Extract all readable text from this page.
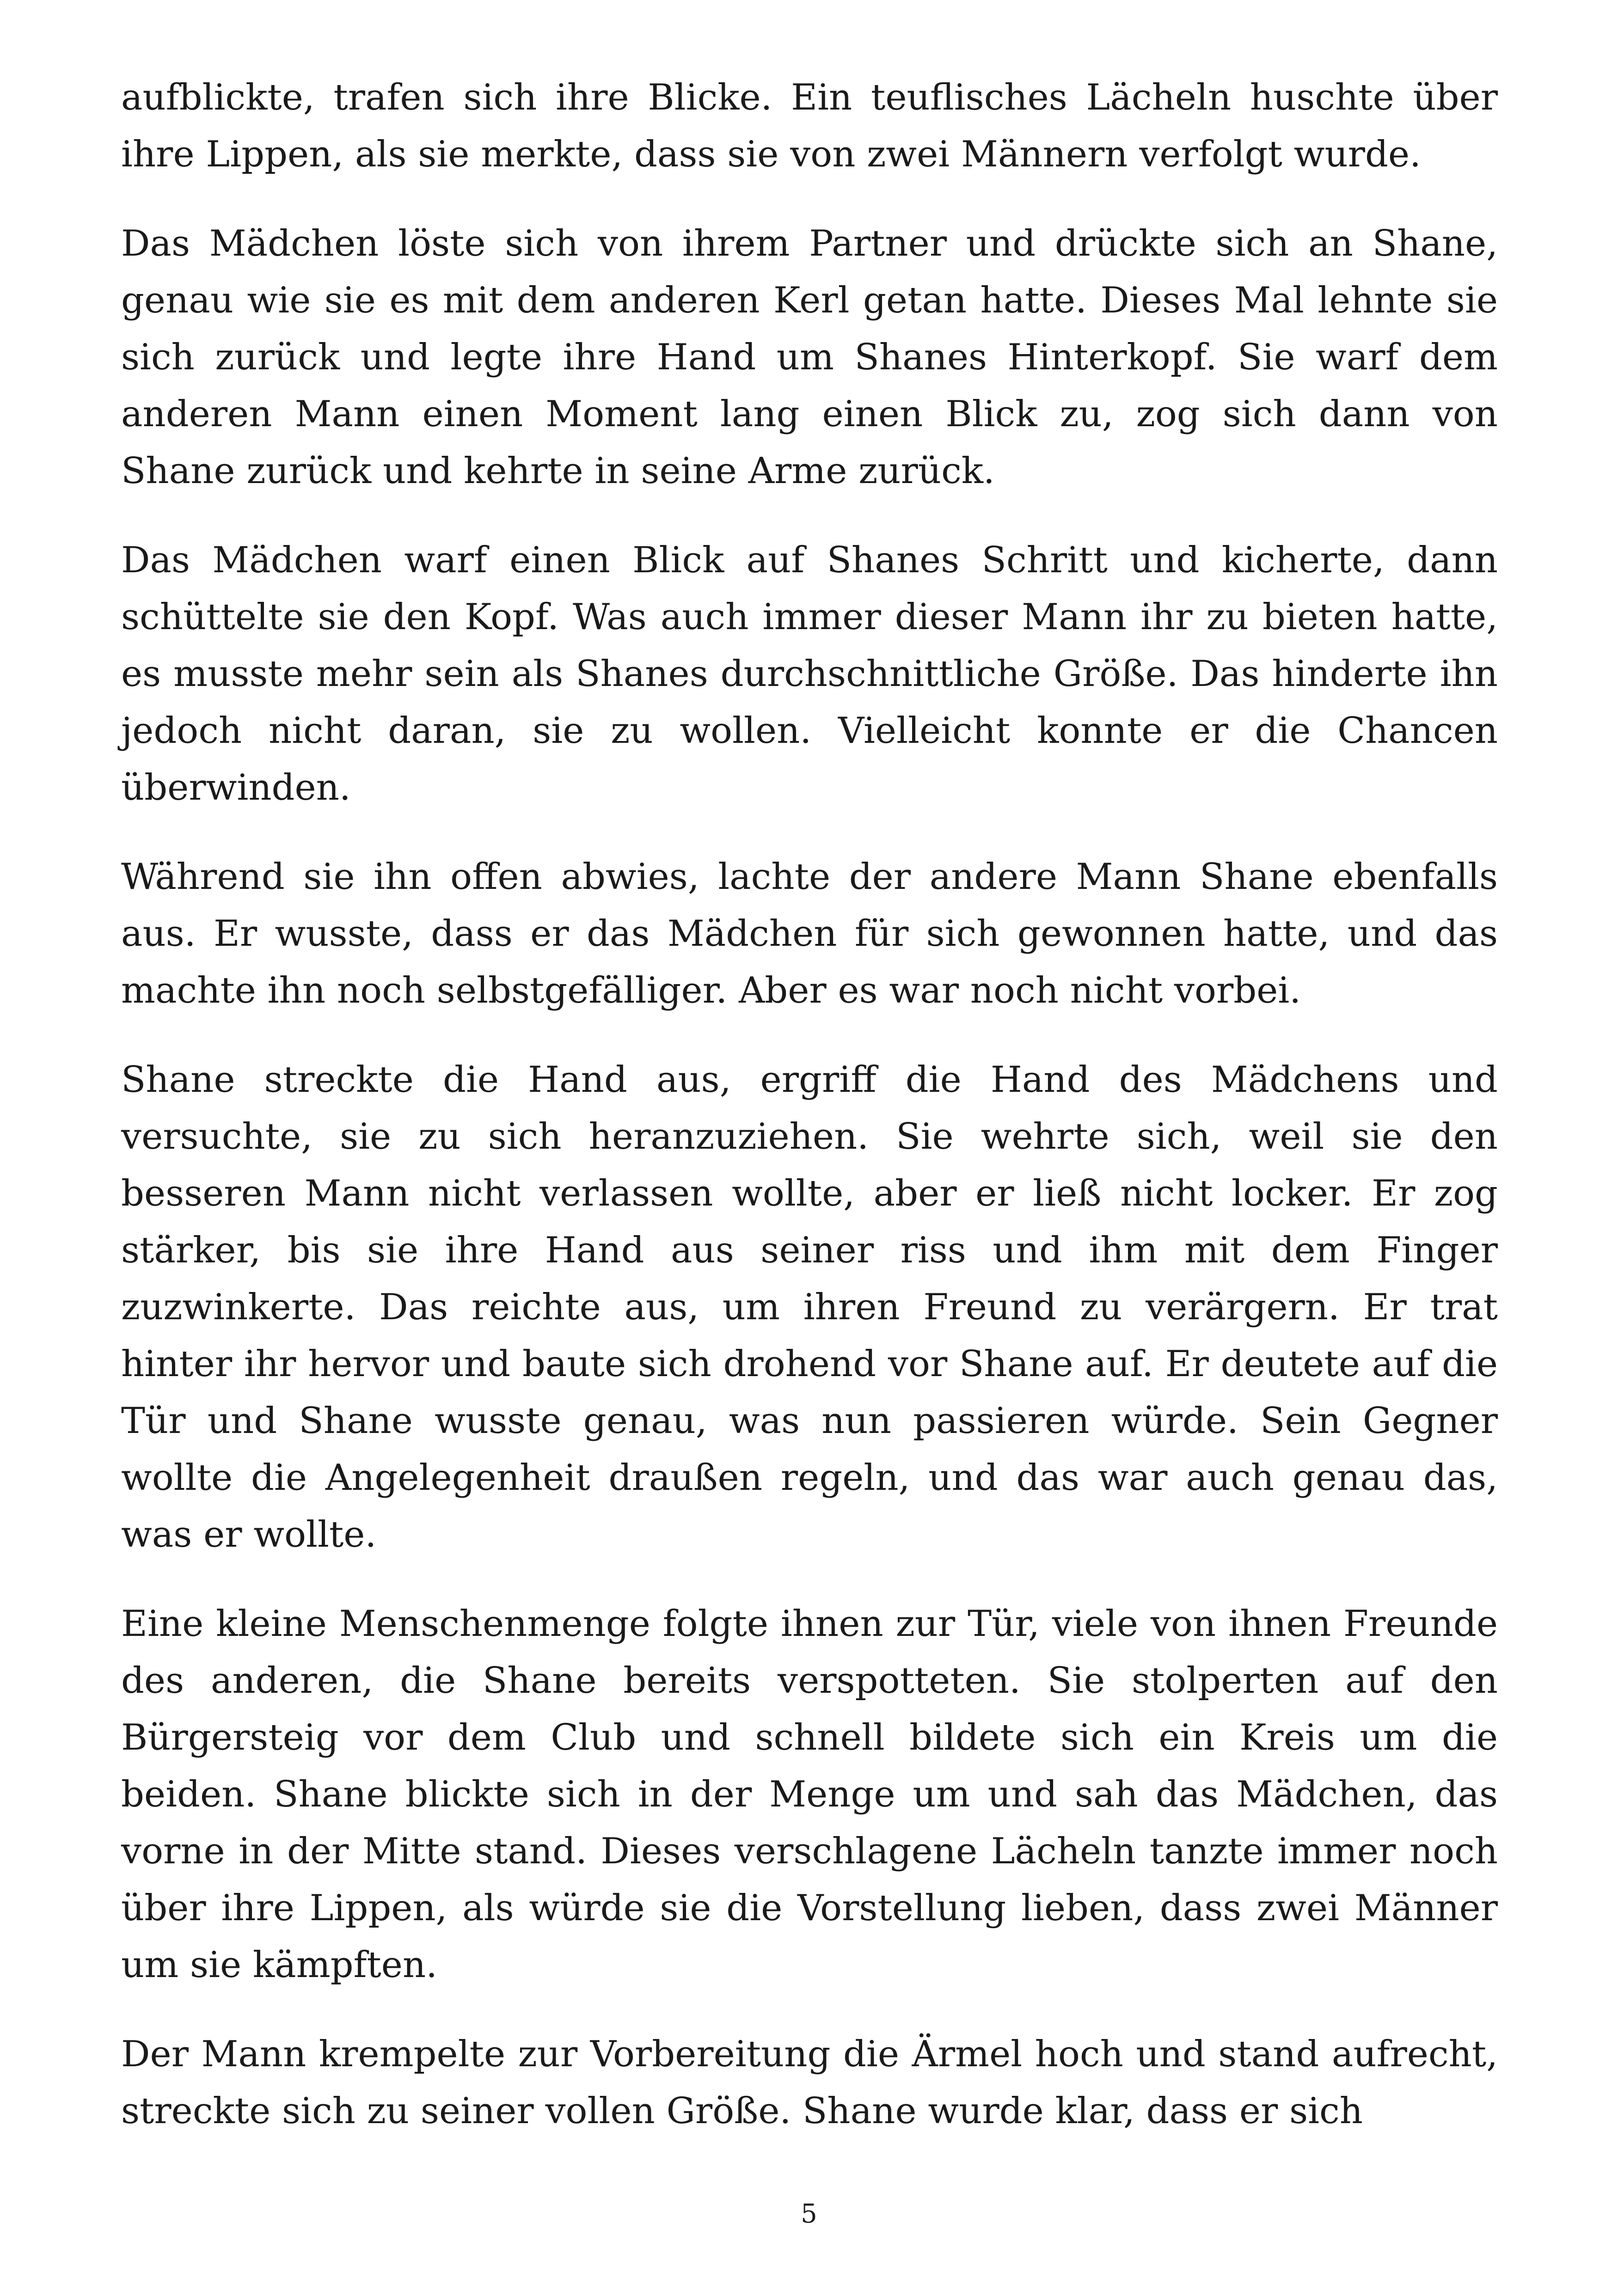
aufblickte, trafen sich ihre Blicke. Ein teuflisches Lächeln huschte über ihre Lippen, als sie merkte, dass sie von zwei Männern verfolgt wurde.

Das Mädchen löste sich von ihrem Partner und drückte sich an Shane, genau wie sie es mit dem anderen Kerl getan hatte. Dieses Mal lehnte sie sich zurück und legte ihre Hand um Shanes Hinterkopf. Sie warf dem anderen Mann einen Moment lang einen Blick zu, zog sich dann von Shane zurück und kehrte in seine Arme zurück.

Das Mädchen warf einen Blick auf Shanes Schritt und kicherte, dann schüttelte sie den Kopf. Was auch immer dieser Mann ihr zu bieten hatte, es musste mehr sein als Shanes durchschnittliche Größe. Das hinderte ihn jedoch nicht daran, sie zu wollen. Vielleicht konnte er die Chancen überwinden.

Während sie ihn offen abwies, lachte der andere Mann Shane ebenfalls aus. Er wusste, dass er das Mädchen für sich gewonnen hatte, und das machte ihn noch selbstgefälliger. Aber es war noch nicht vorbei.

Shane streckte die Hand aus, ergriff die Hand des Mädchens und versuchte, sie zu sich heranzuziehen. Sie wehrte sich, weil sie den besseren Mann nicht verlassen wollte, aber er ließ nicht locker. Er zog stärker, bis sie ihre Hand aus seiner riss und ihm mit dem Finger zuzwinkerte. Das reichte aus, um ihren Freund zu verärgern. Er trat hinter ihr hervor und baute sich drohend vor Shane auf. Er deutete auf die Tür und Shane wusste genau, was nun passieren würde. Sein Gegner wollte die Angelegenheit draußen regeln, und das war auch genau das, was er wollte.

Eine kleine Menschenmenge folgte ihnen zur Tür, viele von ihnen Freunde des anderen, die Shane bereits verspotteten. Sie stolperten auf den Bürgersteig vor dem Club und schnell bildete sich ein Kreis um die beiden. Shane blickte sich in der Menge um und sah das Mädchen, das vorne in der Mitte stand. Dieses verschlagene Lächeln tanzte immer noch über ihre Lippen, als würde sie die Vorstellung lieben, dass zwei Männer um sie kämpften.

Der Mann krempelte zur Vorbereitung die Ärmel hoch und stand aufrecht, streckte sich zu seiner vollen Größe. Shane wurde klar, dass er sich

5
